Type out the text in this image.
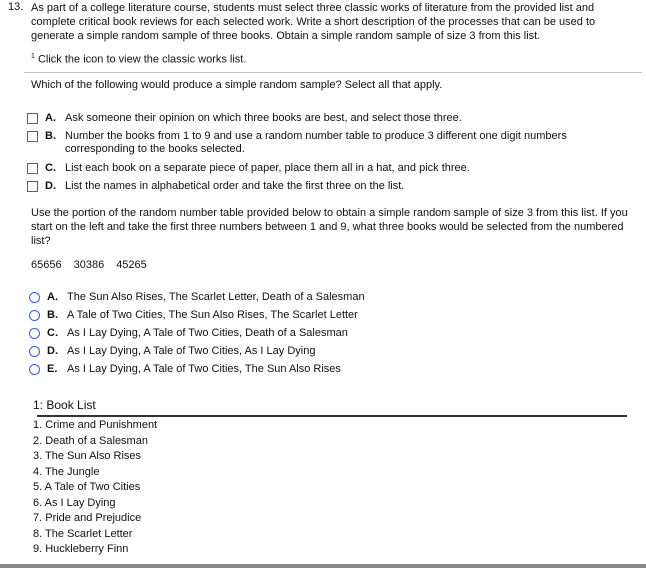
13. As part of a college literature course, students must select three classic works of literature from the provided list and complete critical book reviews for each selected work. Write a short description of the processes that can be used to generate a simple random sample of three books. Obtain a simple random sample of size 3 from this list.
$^1$ Click the icon to view the classic works list.
Which of the following would produce a simple random sample? Select all that apply.
A. Ask someone their opinion on which three books are best, and select those three.
B. Number the books from 1 to 9 and use a random number table to produce 3 different one digit numbers corresponding to the books selected.
C. List each book on a separate piece of paper, place them all in a hat, and pick three.
D. List the names in alphabetical order and take the first three on the list.
Use the portion of the random number table provided below to obtain a simple random sample of size 3 from this list. If you start on the left and take the first three numbers between 1 and 9, what three books would be selected from the numbered list?
65656 30386 45265
A. The Sun Also Rises, The Scarlet Letter, Death of a Salesman
B. A Tale of Two Cities, The Sun Also Rises, The Scarlet Letter
C. As I Lay Dying, A Tale of Two Cities, Death of a Salesman
D. As I Lay Dying, A Tale of Two Cities, As I Lay Dying
E. As I Lay Dying, A Tale of Two Cities, The Sun Also Rises
1: Book List
1. Crime and Punishment
2. Death of a Salesman
3. The Sun Also Rises
4. The Jungle
5. A Tale of Two Cities
6. As I Lay Dying
7. Pride and Prejudice
8. The Scarlet Letter
9. Huckleberry Finn
